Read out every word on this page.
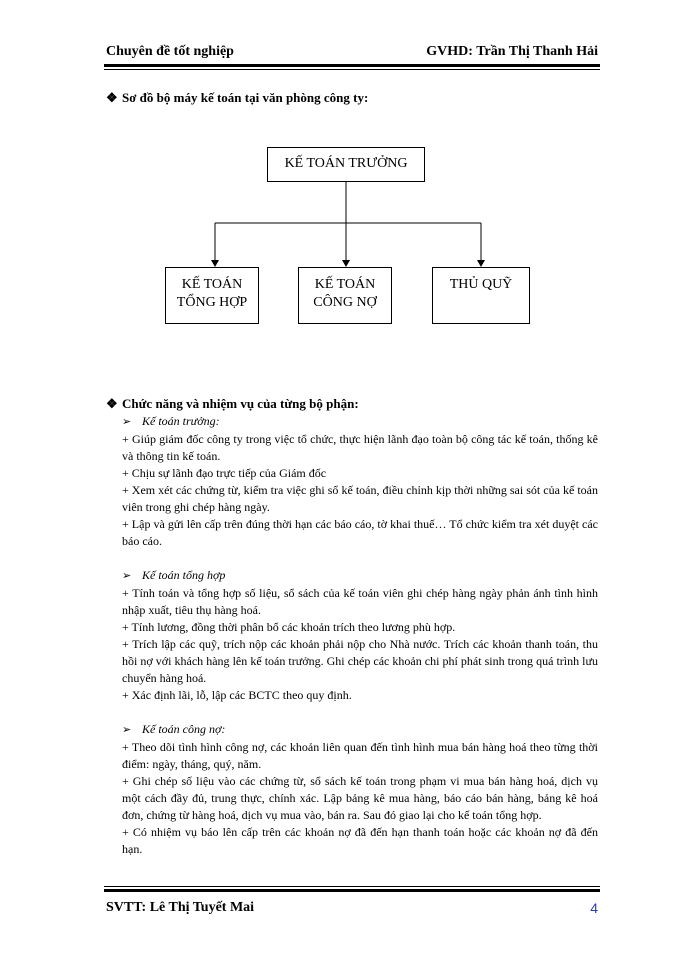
Chuyên đề tốt nghiệp	GVHD: Trần Thị Thanh Hải
❖ Sơ đồ bộ máy kế toán tại văn phòng công ty:
KẾ TOÁN TRƯỞNG
KẾ TOÁN
TỔNG HỢP
KẾ TOÁN
CÔNG NỢ
THỦ QUỸ
❖ Chức năng và nhiệm vụ của từng bộ phận:

➢ Kế toán trưởng:

+ Giúp giám đốc công ty trong việc tổ chức, thực hiện lãnh đạo toàn bộ công tác kế toán, thống kê và thông tin kế toán.

+ Chịu sự lãnh đạo trực tiếp của Giám đốc

+ Xem xét các chứng từ, kiểm tra việc ghi sổ kế toán, điều chỉnh kịp thời những sai sót của kế toán viên trong ghi chép hàng ngày.

+ Lập và gửi lên cấp trên đúng thời hạn các báo cáo, tờ khai thuế… Tổ chức kiểm tra xét duyệt các báo cáo.

➢ Kế toán tổng hợp

+ Tính toán và tổng hợp số liệu, sổ sách của kế toán viên ghi chép hàng ngày phản ánh tình hình nhập xuất, tiêu thụ hàng hoá.

+ Tính lương, đồng thời phân bổ các khoản trích theo lương phù hợp.

+ Trích lập các quỹ, trích nộp các khoản phải nộp cho Nhà nước. Trích các khoản thanh toán, thu hồi nợ với khách hàng lên kế toán trưởng. Ghi chép các khoản chi phí phát sinh trong quá trình lưu chuyển hàng hoá.

+ Xác định lãi, lỗ, lập các BCTC theo quy định.

➢ Kế toán công nợ:

+ Theo dõi tình hình công nợ, các khoản liên quan đến tình hình mua bán hàng hoá theo từng thời điểm: ngày, tháng, quý, năm.

+ Ghi chép số liệu vào các chứng từ, sổ sách kế toán trong phạm vi mua bán hàng hoá, dịch vụ một cách đầy đủ, trung thực, chính xác. Lập bảng kê mua hàng, báo cáo bán hàng, bảng kê hoá đơn, chứng từ hàng hoá, dịch vụ mua vào, bán ra. Sau đó giao lại cho kế toán tổng hợp.

+ Có nhiệm vụ báo lên cấp trên các khoản nợ đã đến hạn thanh toán hoặc các khoản nợ đã đến hạn.

SVTT: Lê Thị Tuyết Mai	4
